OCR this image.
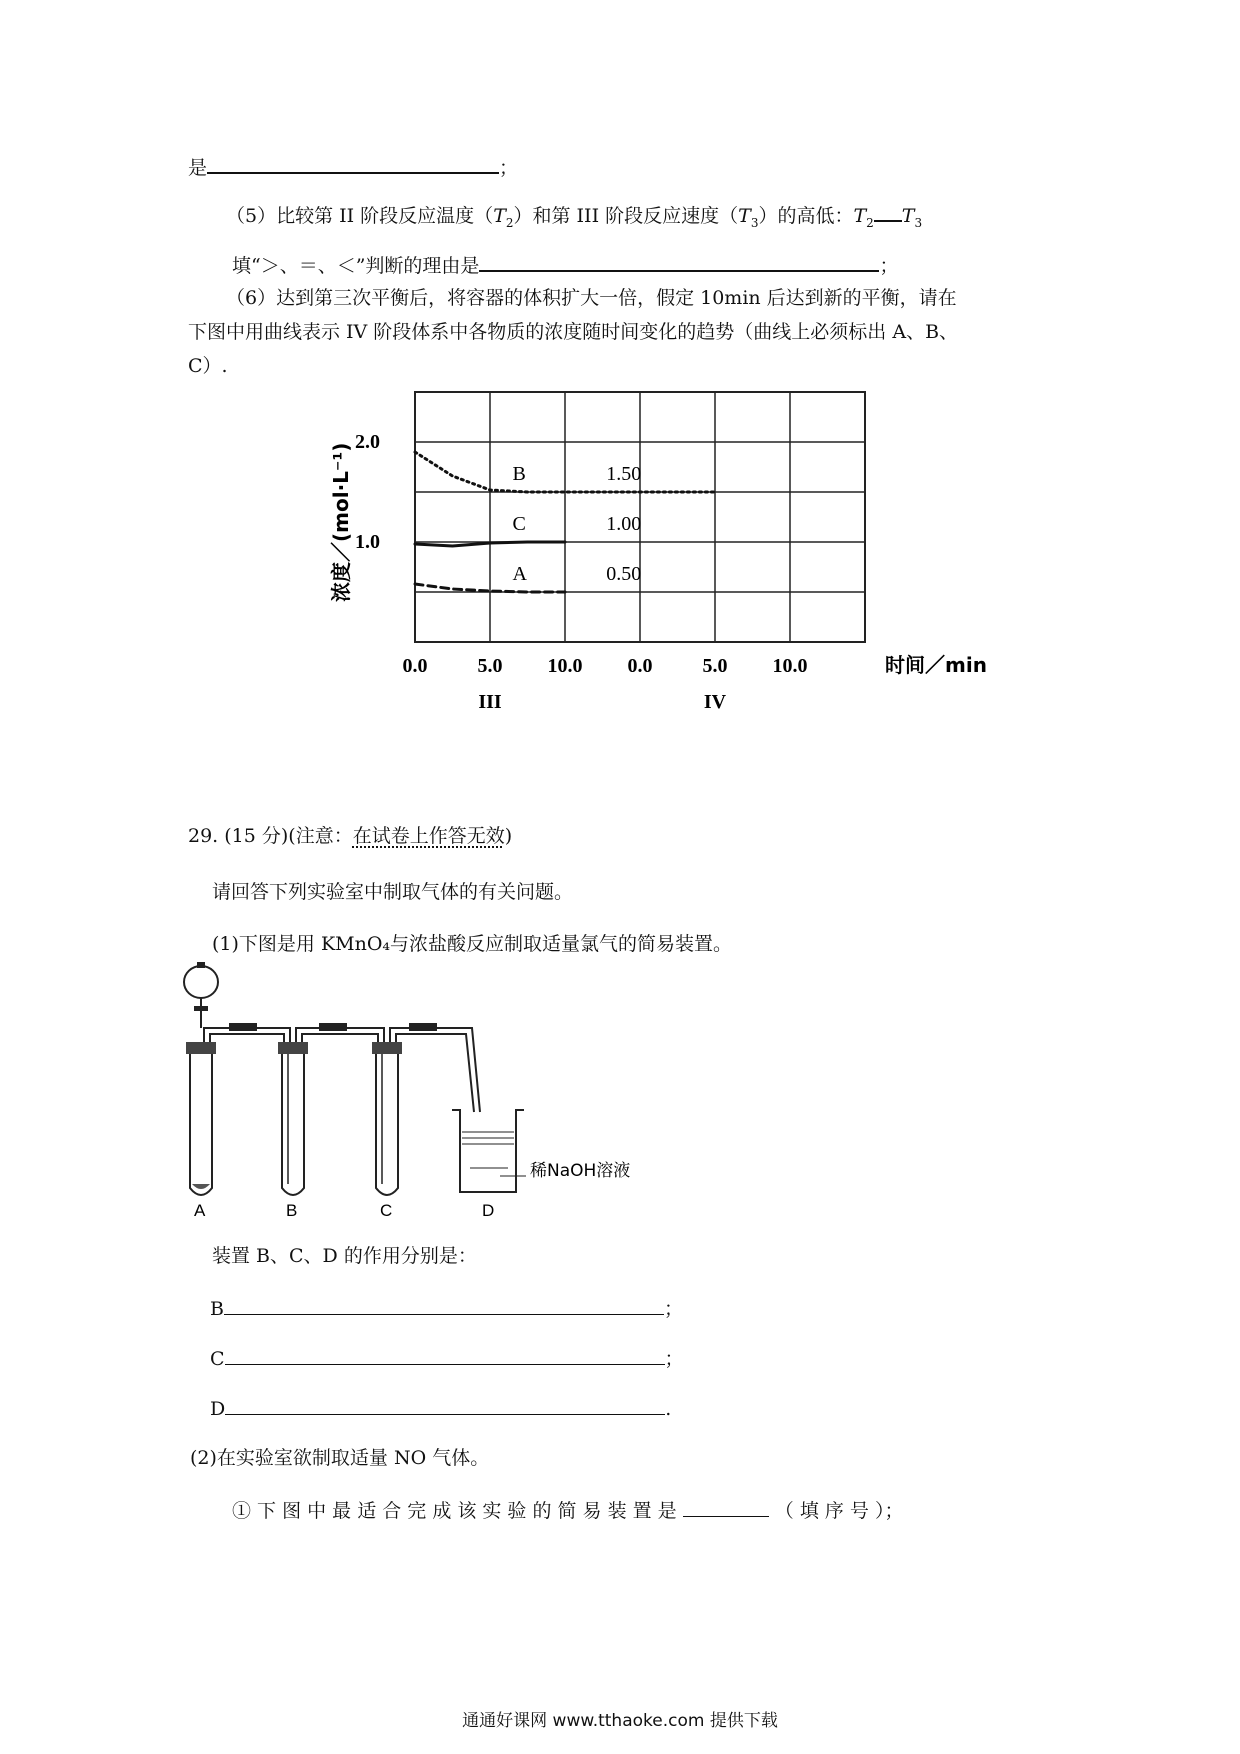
是	；
（5）比较第 II 阶段反应温度$(T_2)$和第 III 阶段反应速度$(T_3)$的高低：$T_2$ $T_3$
填“＞、＝、＜”判断的理由是	；
（6）达到第三次平衡后，将容器的体积扩大一倍，假定 10min 后达到新的平衡，请在
下图中用曲线表示 IV 阶段体系中各物质的浓度随时间变化的趋势（曲线上必须标出 A、B、
C）.
2.0
1.0
浓度／(mol·L⁻¹)
0.0	5.0 10.0 0.0	5.0 10.0	时间／min
III	IV
B	1.50
C	1.00
A	0.50
29. (15 分)(注意：在试卷上作答无效)
请回答下列实验室中制取气体的有关问题。
(1)下图是用 KMnO₄与浓盐酸反应制取适量氯气的简易装置。
A	B	C	D
稀NaOH溶液
装置 B、C、D 的作用分别是：
B	；
C	；
D	.
(2)在实验室欲制取适量 NO 气体。
① 下 图 中 最 适 合 完 成 该 实 验 的 简 易 装 置 是	（ 填 序 号 ）；
通通好课网 www.tthaoke.com 提供下载
